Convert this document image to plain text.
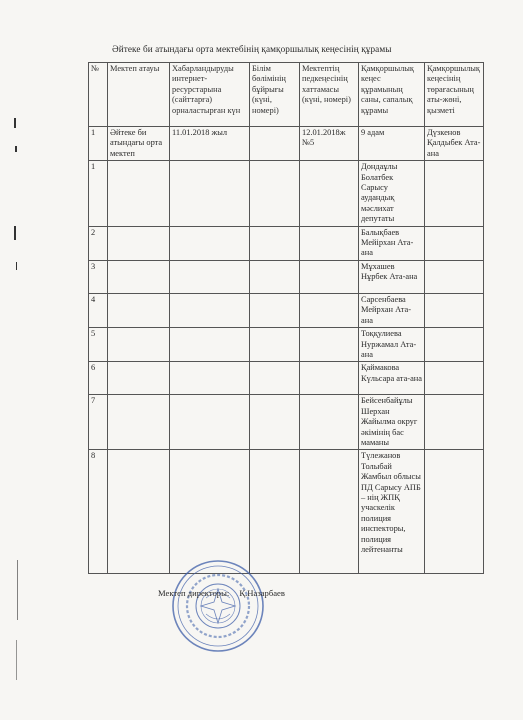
Әйтеке би атындағы орта мектебінің қамқоршылық кеңесінің құрамы
№	Мектеп атауы	Хабарландыруды интернет-ресурстарына (сайттарға) орналастырған күн	Білім бөлімінің бұйрығы (күні, номері)	Мектептің педкеңесінің хаттамасы (күні, номері)	Қамқоршылық кеңес құрамының саны, сапалық құрамы	Қамқоршылық кеңесінің төрағасының аты-жөні, қызметі
1	Әйтеке би атындағы орта мектеп	11.01.2018 жыл		12.01.2018ж №5	9 адам	Дүзкенов Қалдыбек Ата-ана
1					Дондаұлы Болатбек Сарысу аудандық мәслихат депутаты	
2					Балықбаев Мейірхан Ата-ана	
3					Мұхашев Нұрбек Ата-ана	
4					Сарсенбаева Мейрхан Ата-ана	
5					Тоққулиева Нуржамал Ата-ана	
6					Қаймакова Күльсара ата-ана	
7					Бейсенбайұлы Шерхан Жайылма округ әкімінің бас маманы	
8					Түлежанов Толыбай Жамбыл облысы ПД Сарысу АПБ – нің ЖПҚ учаскелік полиция инспекторы, полиция лейтенанты	
Мектеп директоры: Қ.Назарбаев
